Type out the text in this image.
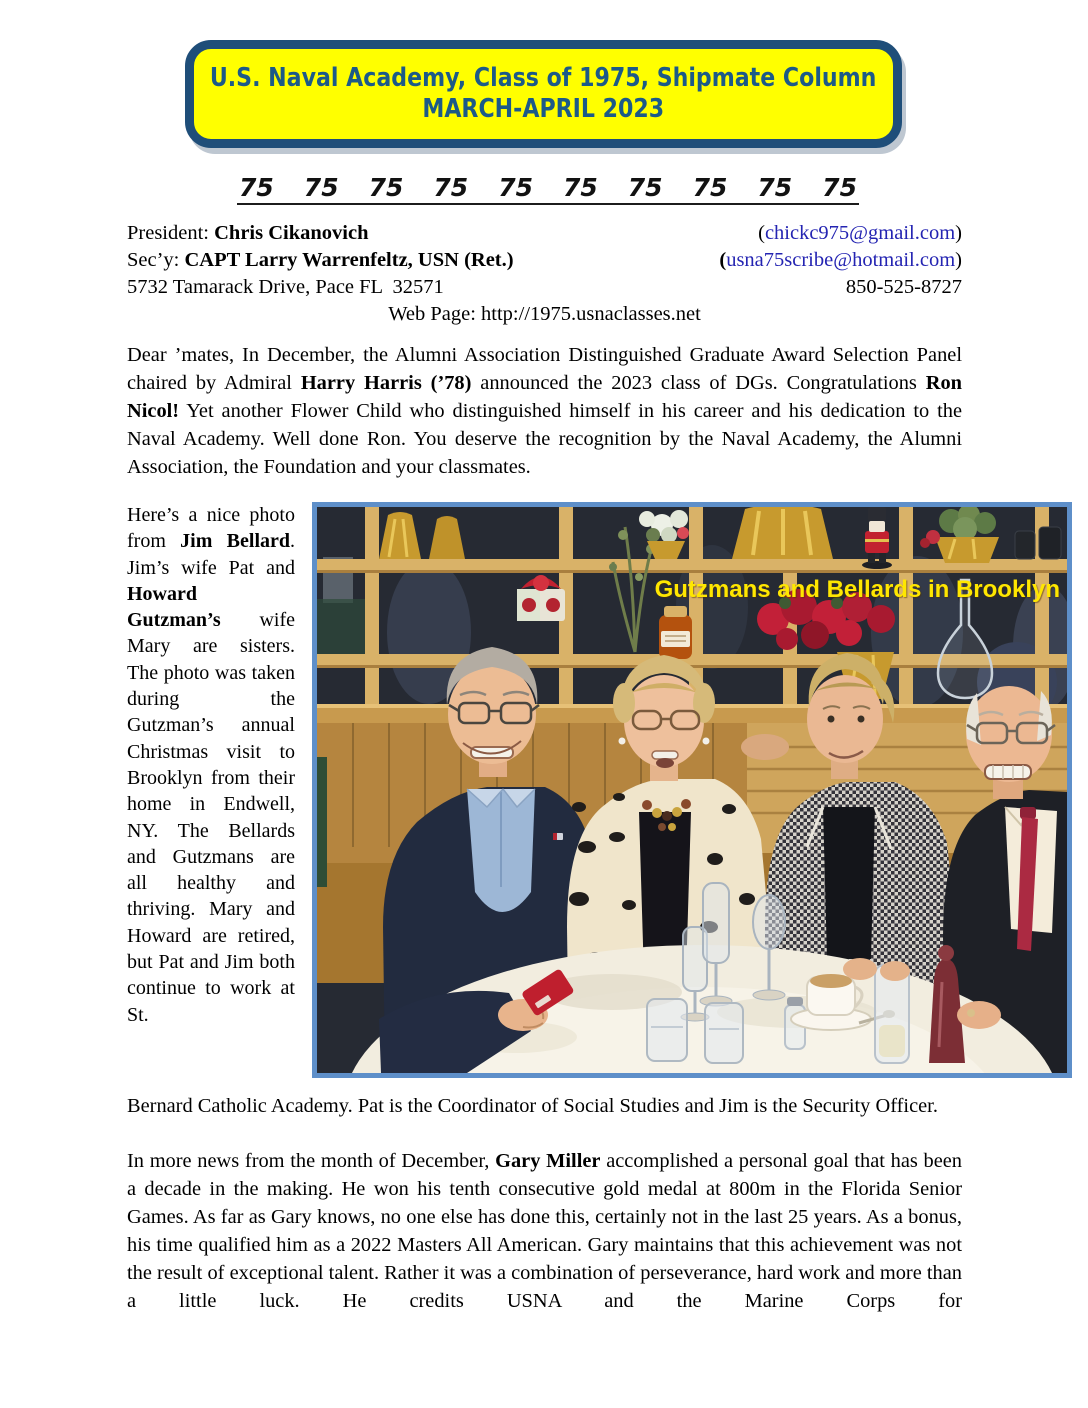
U.S. Naval Academy, Class of 1975, Shipmate Column
MARCH-APRIL 2023
75 75 75 75 75 75 75 75 75 75
President: Chris Cikanovich	(chickc975@gmail.com)
Sec’y: CAPT Larry Warrenfeltz, USN (Ret.)	(usna75scribe@hotmail.com)
5732 Tamarack Drive, Pace FL  32571	850-525-8727
Web Page: http://1975.usnaclasses.net

Dear ’mates, In December, the Alumni Association Distinguished Graduate Award Selection Panel chaired by Admiral Harry Harris (’78) announced the 2023 class of DGs. Congratulations Ron Nicol! Yet another Flower Child who distinguished himself in his career and his dedication to the Naval Academy. Well done Ron. You deserve the recognition by the Naval Academy, the Alumni Association, the Foundation and your classmates.

Here’s a nice photo from Jim Bellard. Jim’s wife Pat and Howard Gutzman’s wife Mary are sisters. The photo was taken during the Gutzman’s annual Christmas visit to Brooklyn from their home in Endwell, NY. The Bellards and Gutzmans are all healthy and thriving. Mary and Howard are retired, but Pat and Jim both continue to work at St.
Gutzmans and Bellards in Brooklyn

Bernard Catholic Academy. Pat is the Coordinator of Social Studies and Jim is the Security Officer.

In more news from the month of December, Gary Miller accomplished a personal goal that has been a decade in the making. He won his tenth consecutive gold medal at 800m in the Florida Senior Games. As far as Gary knows, no one else has done this, certainly not in the last 25 years. As a bonus, his time qualified him as a 2022 Masters All American. Gary maintains that this achievement was not the result of exceptional talent. Rather it was a combination of perseverance, hard work and more than a little luck. He credits USNA and the Marine Corps for
